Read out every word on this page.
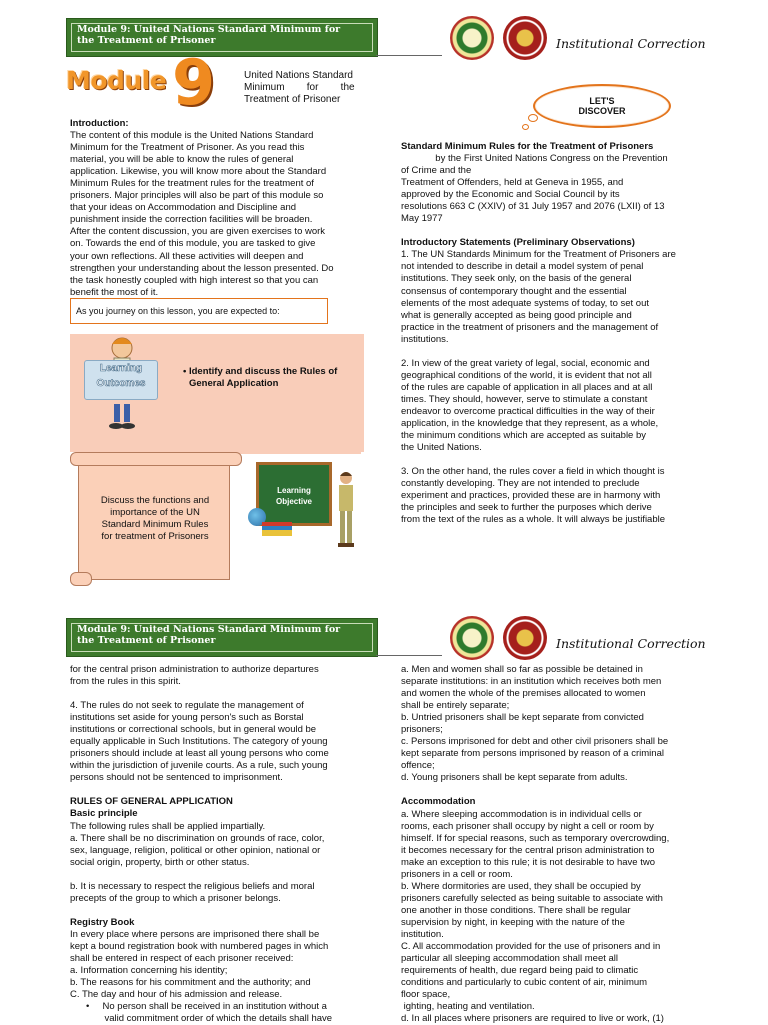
Module 9: United Nations Standard Minimum for
the Treatment of Prisoner	Institutional Correction
Module 9	United Nations Standard
Minimum        for        the
Treatment of Prisoner

Introduction:

The content of this module is the United Nations Standard

Minimum for the Treatment of Prisoner. As you read this

material, you will be able to know the rules of general

application. Likewise, you will know more about the Standard

Minimum Rules for the treatment rules for the treatment of

prisoners. Major principles will also be part of this module so

that your ideas on Accommodation and Discipline and

punishment inside the correction facilities will be broaden.

After the content discussion, you are given exercises to work

on. Towards the end of this module, you are tasked to give

your own reflections. All these activities will deepen and

strengthen your understanding about the lesson presented. Do

the task honestly coupled with high interest so that you can

benefit the most of it.

As you journey on this lesson, you are expected to:
Learning
Outcomes
• Identify and discuss the Rules of
General Application
Discuss the functions and
importance of the UN
Standard Minimum Rules
for treatment of Prisoners
Learning
Objective
LET'S
DISCOVER

Standard Minimum Rules for the Treatment of Prisoners

by the First United Nations Congress on the Prevention

of Crime and the

Treatment of Offenders, held at Geneva in 1955, and

approved by the Economic and Social Council by its

resolutions 663 C (XXIV) of 31 July 1957 and 2076 (LXII) of 13

May 1977

Introductory Statements (Preliminary Observations)

1. The UN Standards Minimum for the Treatment of Prisoners are

not intended to describe in detail a model system of penal

institutions. They seek only, on the basis of the general

consensus of contemporary thought and the essential

elements of the most adequate systems of today, to set out

what is generally accepted as being good principle and

practice in the treatment of prisoners and the management of

institutions.

2. In view of the great variety of legal, social, economic and

geographical conditions of the world, it is evident that not all

of the rules are capable of application in all places and at all

times. They should, however, serve to stimulate a constant

endeavor to overcome practical difficulties in the way of their

application, in the knowledge that they represent, as a whole,

the minimum conditions which are accepted as suitable by

the United Nations.

3. On the other hand, the rules cover a field in which thought is

constantly developing. They are not intended to preclude

experiment and practices, provided these are in harmony with

the principles and seek to further the purposes which derive

from the text of the rules as a whole. It will always be justifiable

Module 9: United Nations Standard Minimum for
the Treatment of Prisoner	Institutional Correction

for the central prison administration to authorize departures

from the rules in this spirit.

4. The rules do not seek to regulate the management of

institutions set aside for young person's such as Borstal

institutions or correctional schools, but in general would be

equally applicable in Such Institutions. The category of young

prisoners should include at least all young persons who come

within the jurisdiction of juvenile courts. As a rule, such young

persons should not be sentenced to imprisonment.

RULES OF GENERAL APPLICATION

Basic principle

The following rules shall be applied impartially.

a. There shall be no discrimination on grounds of race, color,

sex, language, religion, political or other opinion, national or

social origin, property, birth or other status.

b. It is necessary to respect the religious beliefs and moral

precepts of the group to which a prisoner belongs.

Registry Book

In every place where persons are imprisoned there shall be

kept a bound registration book with numbered pages in which

shall be entered in respect of each prisoner received:

a. Information concerning his identity;

b. The reasons for his commitment and the authority; and

C. The day and hour of his admission and release.

•     No person shall be received in an institution without a

valid commitment order of which the details shall have

a. Men and women shall so far as possible be detained in

separate institutions: in an institution which receives both men

and women the whole of the premises allocated to women

shall be entirely separate;

b. Untried prisoners shall be kept separate from convicted

prisoners;

c. Persons imprisoned for debt and other civil prisoners shall be

kept separate from persons imprisoned by reason of a criminal

offence;

d. Young prisoners shall be kept separate from adults.

Accommodation

a. Where sleeping accommodation is in individual cells or

rooms, each prisoner shall occupy by night a cell or room by

himself. If for special reasons, such as temporary overcrowding,

it becomes necessary for the central prison administration to

make an exception to this rule; it is not desirable to have two

prisoners in a cell or room.

b. Where dormitories are used, they shall be occupied by

prisoners carefully selected as being suitable to associate with

one another in those conditions. There shall be regular

supervision by night, in keeping with the nature of the

institution.

C. All accommodation provided for the use of prisoners and in

particular all sleeping accommodation shall meet all

requirements of health, due regard being paid to climatic

conditions and particularly to cubic content of air, minimum

floor space,

ighting, heating and ventilation.

d. In all places where prisoners are required to live or work, (1)
